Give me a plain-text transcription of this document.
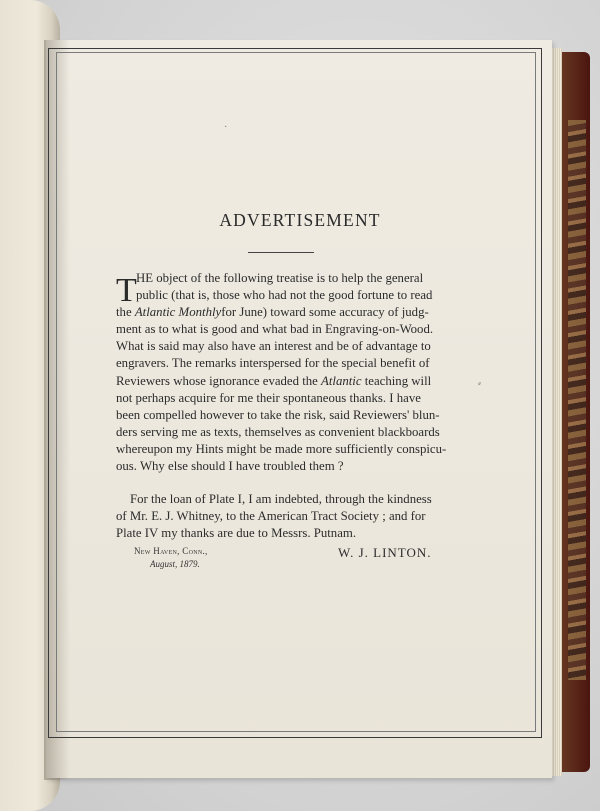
·
⸗
ADVERTISEMENT
T HE object of the following treatise is to help the general
public (that is, those who had not the good fortune to read
the
Atlantic Monthly for June) toward some accuracy of judg-
ment as to what is good and what bad in Engraving-on-Wood.
What is said may also have an interest and be of advantage to
engravers. The remarks interspersed for the special benefit of
Reviewers whose ignorance evaded the
Atlantic
teaching will
not perhaps acquire for me their spontaneous thanks. I have
been compelled however to take the risk, said Reviewers' blun-
ders serving me as texts, themselves as convenient blackboards
whereupon my Hints might be made more sufficiently conspicu-
ous. Why else should I have troubled them ?
For the loan of Plate I, I am indebted, through the kindness
of Mr. E. J. Whitney, to the American Tract Society ; and for
Plate IV my thanks are due to Messrs. Putnam.
New Haven, Conn.,
August, 1879.
W. J. LINTON.
